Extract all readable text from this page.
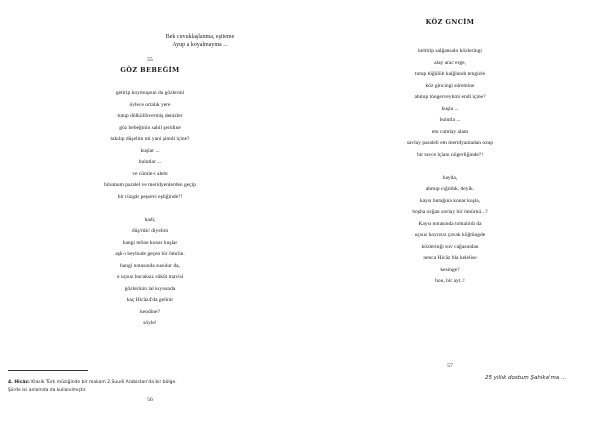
Bek cuvuklaşlanma, eşiteme
Ayup a koyalmayma ...
55
GÖZ BEBEĞİM
getirip koymuşsun da gözlerini
öylece ortalık yere
tutup dölküllüvermiş denizler
göz bebeğinin sahil şeridine
takılıp düşelim mi yani şimdi içine?
kuşlar ...
bulutlar ...
ve cümle-i alem
bilumum paralel ve meridyenlerden geçip
bir rüzgâr peşsevi eşliğinde?!
hadi,
düş/tük! diyelim
hangi teline konar kuşlar
aşk-ı beyhude geçen bir ömrün.
hangi notasında susulur da,
o uçsuz bucaksız sükût mavisi
gözlerinin lal kıyısında
kaç Hicâz4'da gelinir
kendine?
söyle!
4. Hicâz: Klasik Türk müziğinde bir makam 2.Suudi Arabistan'da bir bölge.
Şiirde iki anlamda da kullanılmıştır.
56
KÖZ GNCİM
keltirip salğansalo közleringi
alay arac erge,
tutup töğülüb kalğlandı tengizle
köz gincingi süremine
ahmıp töngerveykmi endi içine?
kuşla ...
bulutla ...
em cumlay alam
savlay paraleli em meridyanladan ozup
bir tavce lçlanı nögerliğinde?!
hayda,
ahmıp cığıldık, deyik.
kaysı butağına konar kuşla,
boşha ozğan savlay bir ömürnü...?
Kaysı notasında tohtalıldı da
uçsuz koyırsız çavak köğtüngde
közlerinği suv cağasından
nenca Hicâz bla kelelise
kesinge?
hou, bir ayt..!
57
25 yıllık dostum Şahika'ma ...
